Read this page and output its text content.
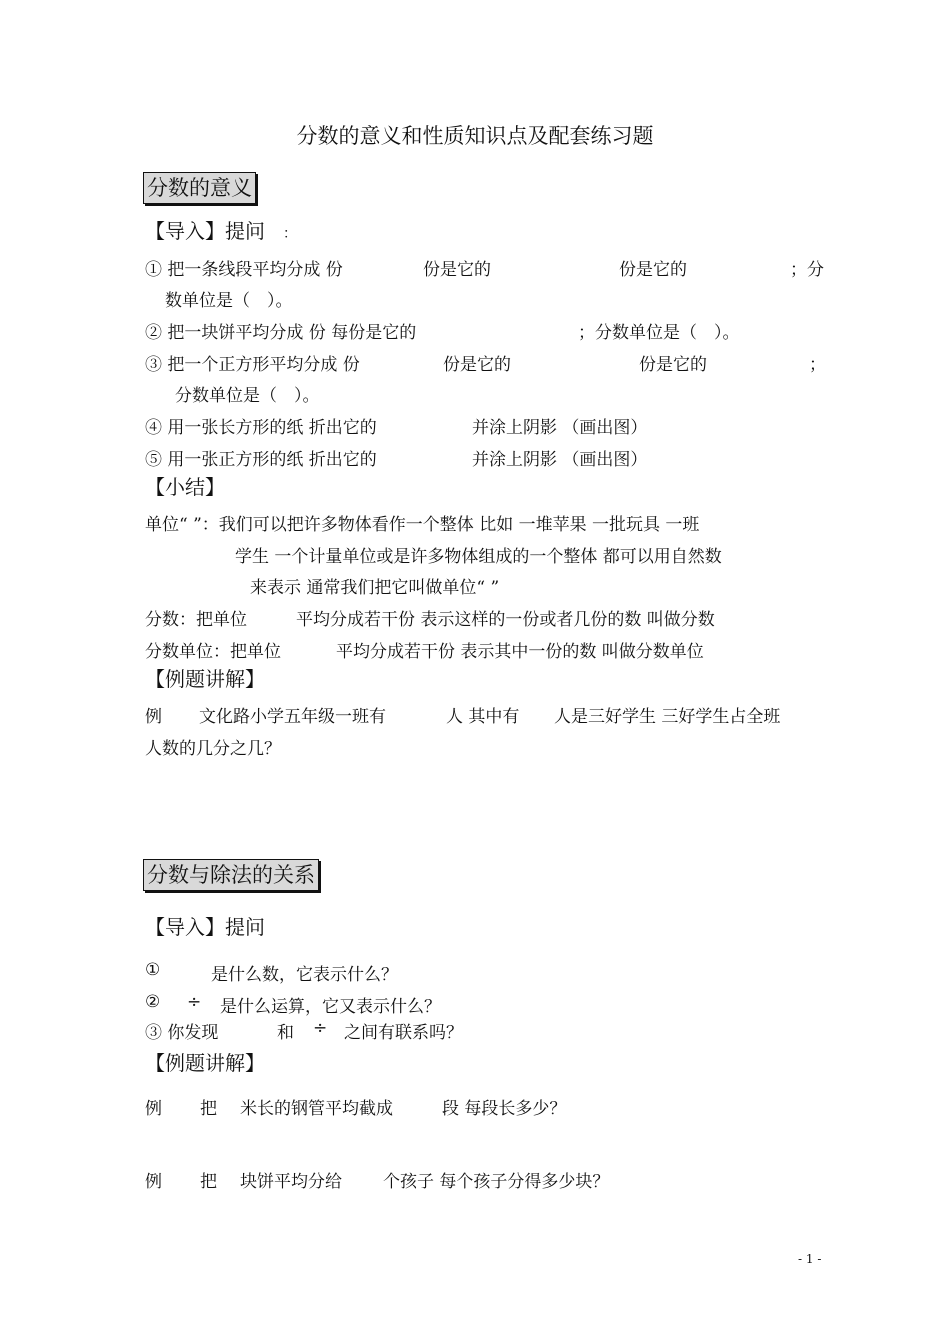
分数的意义和性质知识点及配套练习题
分数的意义
【导入】提问 ：
① 把一条线段平均分成 份	份是它的	份是它的	；分
数单位是（　）。
② 把一块饼平均分成 份 每份是它的	；分数单位是（　）。
③ 把一个正方形平均分成 份	份是它的	份是它的	；
分数单位是（　）。
④ 用一张长方形的纸 折出它的	并涂上阴影 （画出图）
⑤ 用一张正方形的纸 折出它的	并涂上阴影 （画出图）
【小结】
单位“ ”：我们可以把许多物体看作一个整体 比如 一堆苹果 一批玩具 一班
学生 一个计量单位或是许多物体组成的一个整体 都可以用自然数
来表示 通常我们把它叫做单位“ ”
分数：把单位	平均分成若干份 表示这样的一份或者几份的数 叫做分数
分数单位：把单位	平均分成若干份 表示其中一份的数 叫做分数单位
【例题讲解】
例 文化路小学五年级一班有	人 其中有 人是三好学生 三好学生占全班
人数的几分之几？
分数与除法的关系
【导入】提问
①	是什么数，它表示什么？
② ÷ 是什么运算，它又表示什么？
③ 你发现	和 ÷ 之间有联系吗？
【例题讲解】
例 把 米长的钢管平均截成	段 每段长多少？
例 把 块饼平均分给 个孩子 每个孩子分得多少块？
- 1 -
